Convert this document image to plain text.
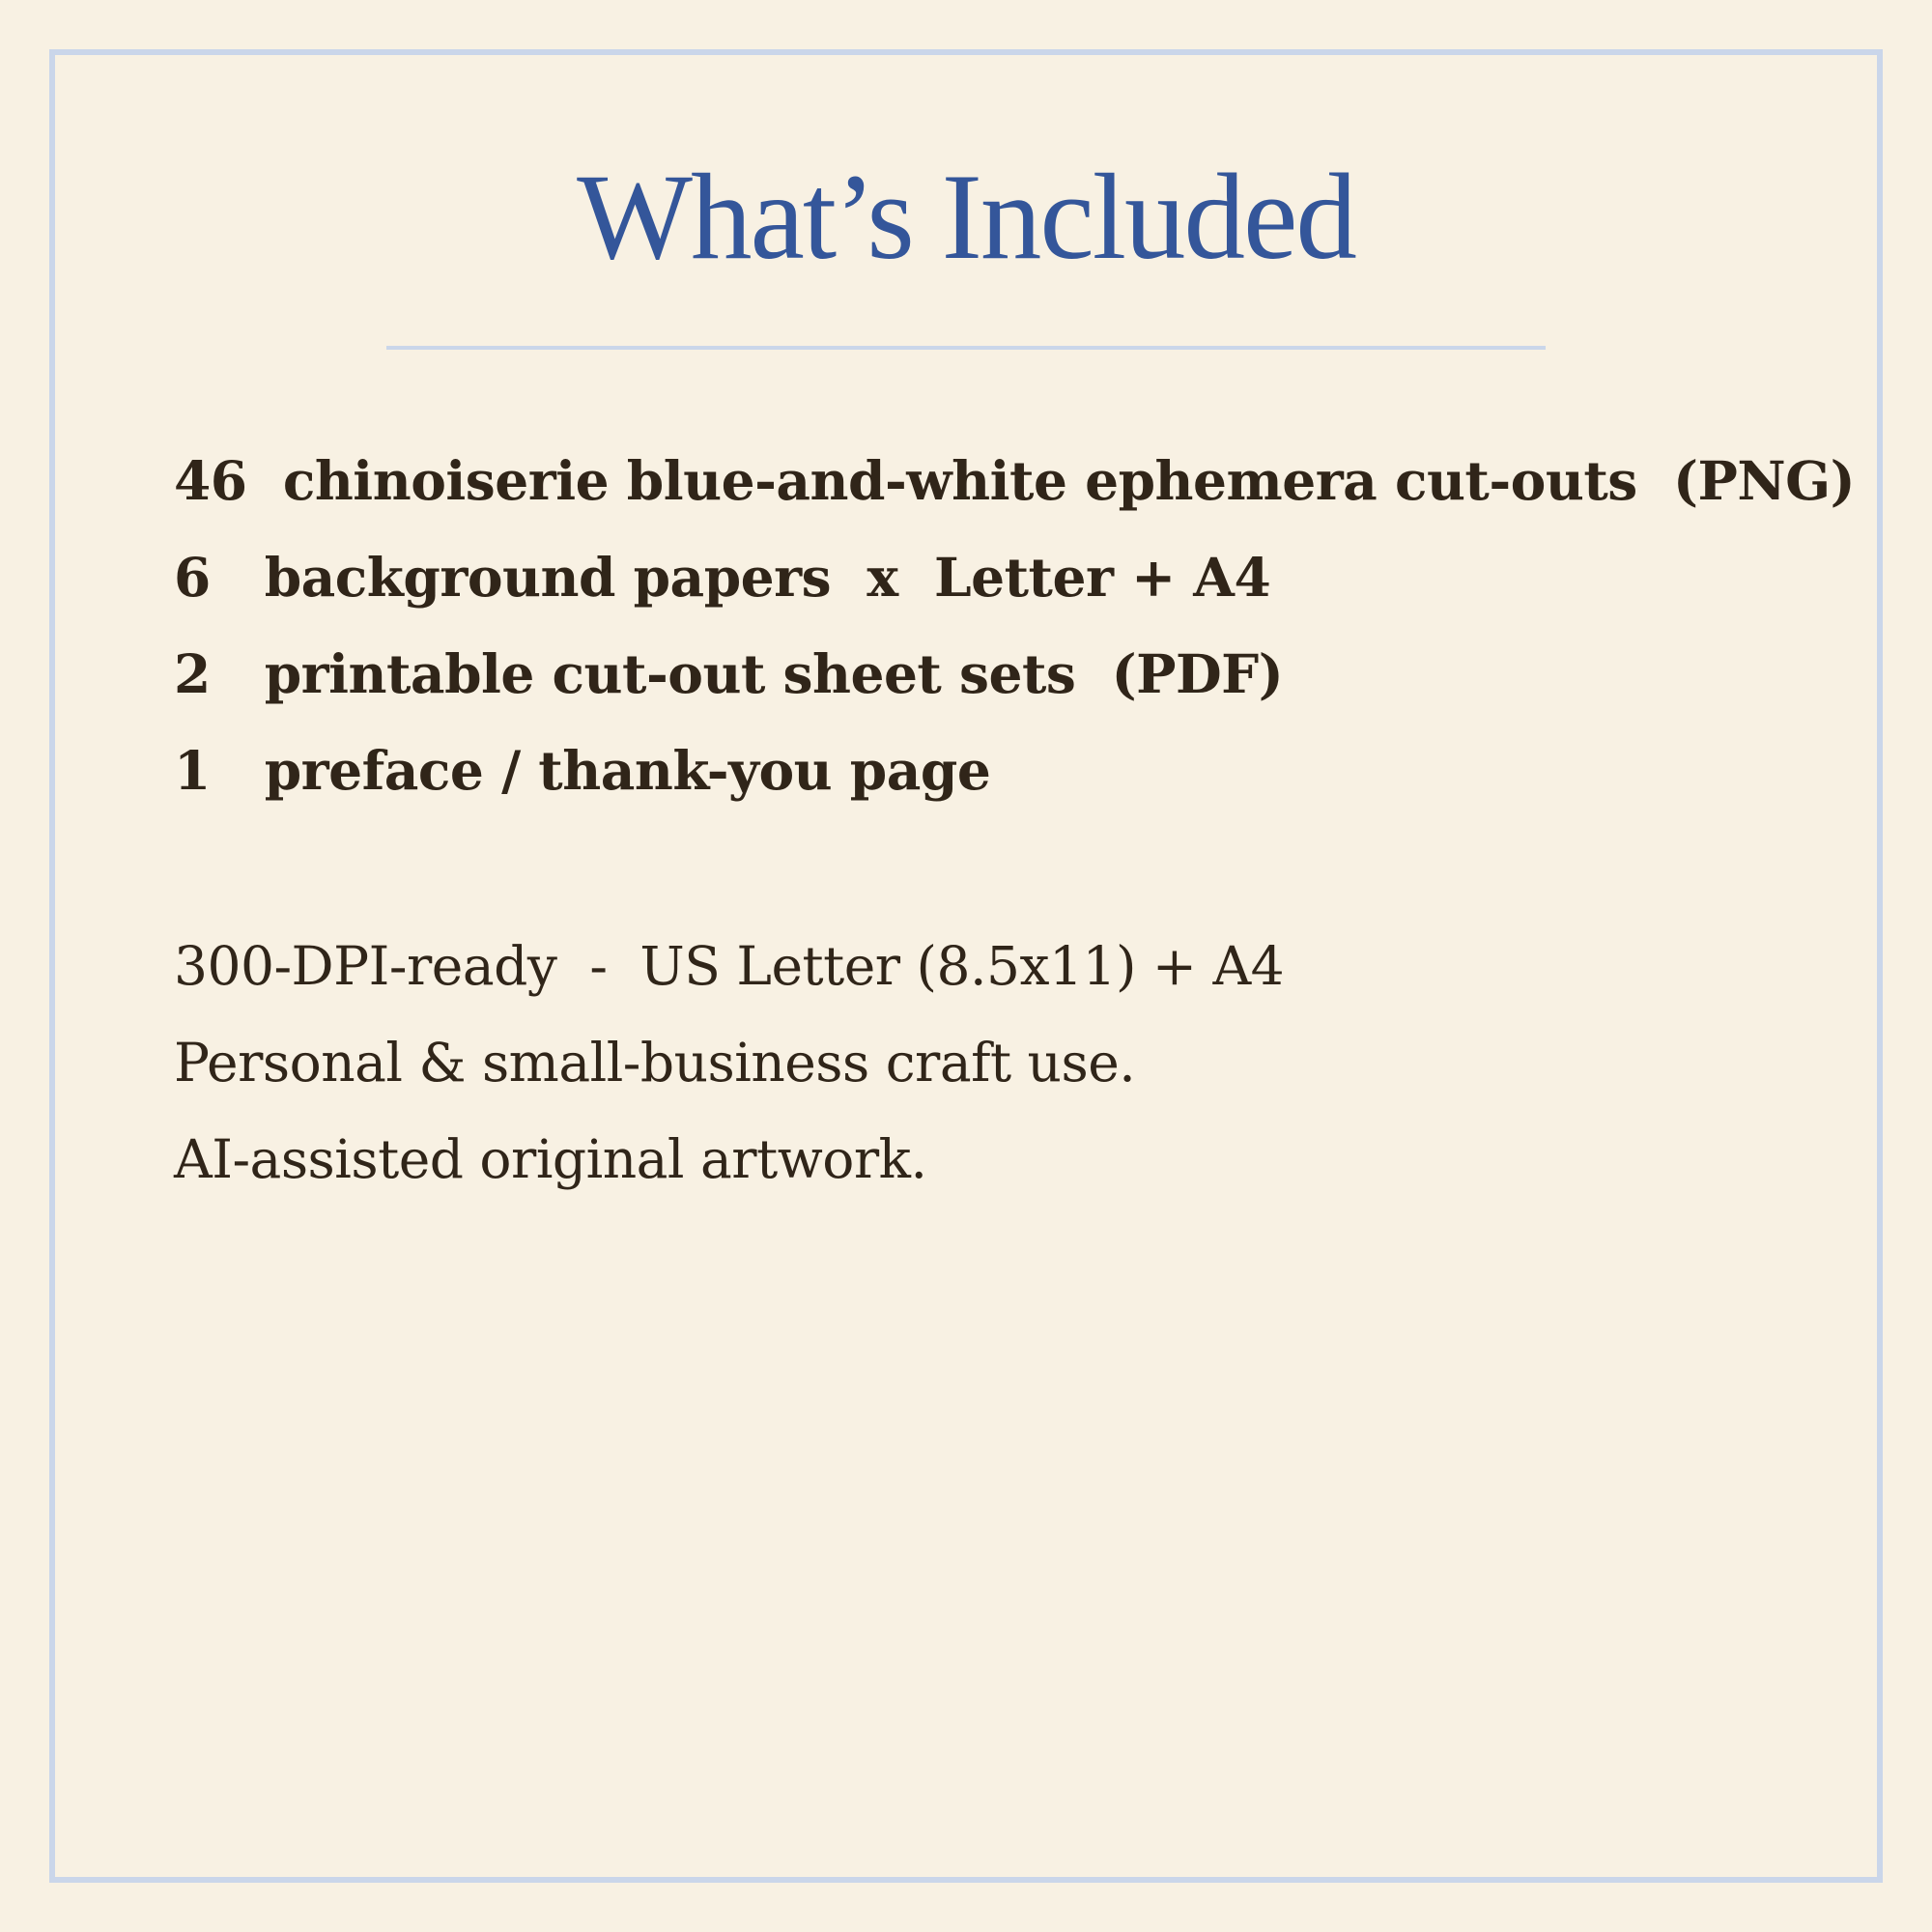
What’s Included
46  chinoiserie blue-and-white ephemera cut-outs  (PNG)
6   background papers  x  Letter + A4
2   printable cut-out sheet sets  (PDF)
1   preface / thank-you page
300-DPI-ready  -  US Letter (8.5x11) + A4
Personal & small-business craft use.
AI-assisted original artwork.
